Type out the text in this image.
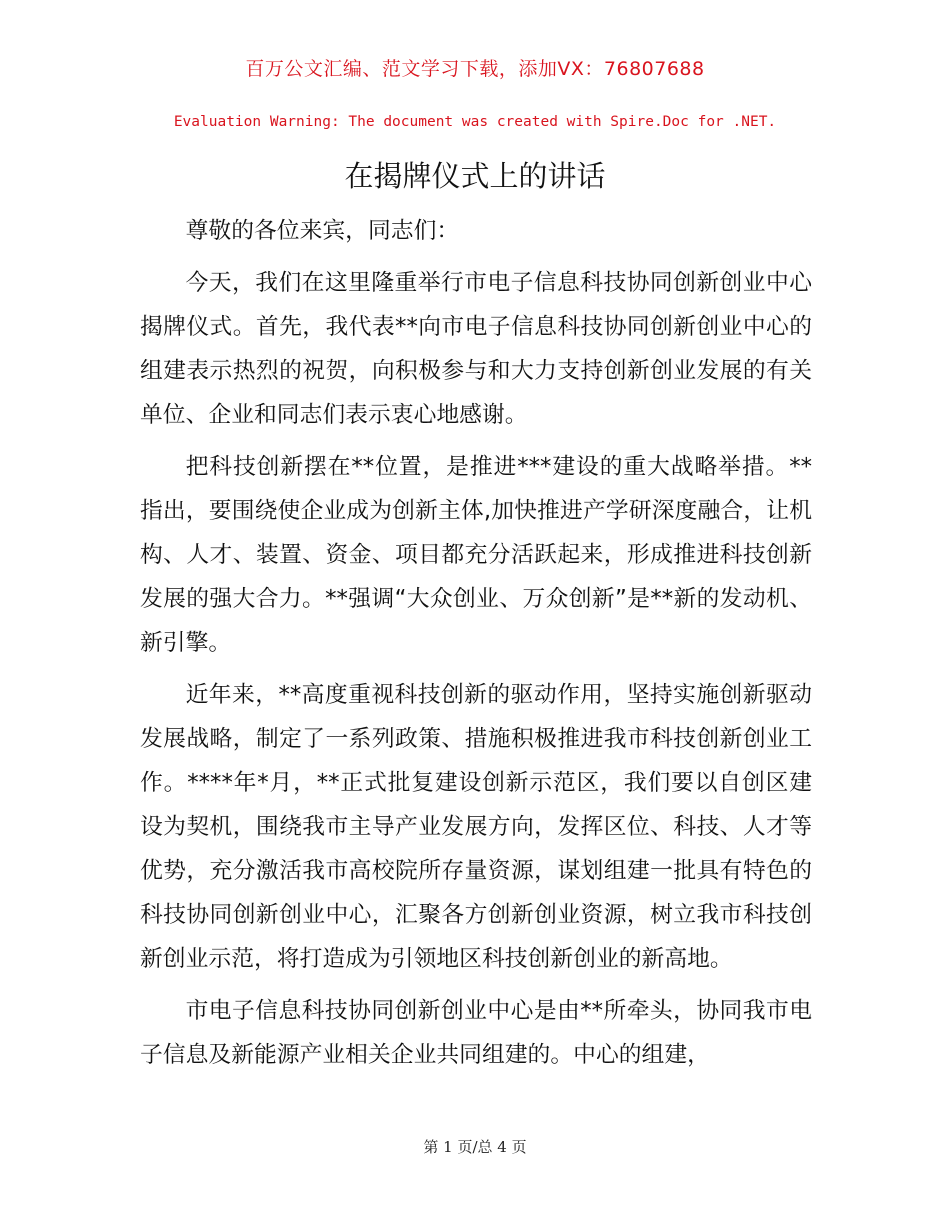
百万公文汇编、范文学习下载，添加VX：76807688
Evaluation Warning: The document was created with Spire.Doc for .NET.
在揭牌仪式上的讲话

尊敬的各位来宾，同志们：

今天，我们在这里隆重举行市电子信息科技协同创新创业中心揭牌仪式。首先，我代表**向市电子信息科技协同创新创业中心的组建表示热烈的祝贺，向积极参与和大力支持创新创业发展的有关单位、企业和同志们表示衷心地感谢。

把科技创新摆在**位置，是推进***建设的重大战略举措。**指出，要围绕使企业成为创新主体,加快推进产学研深度融合，让机构、人才、装置、资金、项目都充分活跃起来，形成推进科技创新发展的强大合力。**强调“大众创业、万众创新”是**新的发动机、新引擎。

近年来，**高度重视科技创新的驱动作用，坚持实施创新驱动发展战略，制定了一系列政策、措施积极推进我市科技创新创业工作。****年*月，**正式批复建设创新示范区，我们要以自创区建设为契机，围绕我市主导产业发展方向，发挥区位、科技、人才等优势，充分激活我市高校院所存量资源，谋划组建一批具有特色的科技协同创新创业中心，汇聚各方创新创业资源，树立我市科技创新创业示范，将打造成为引领地区科技创新创业的新高地。

市电子信息科技协同创新创业中心是由**所牵头，协同我市电子信息及新能源产业相关企业共同组建的。中心的组建，

第 1 页/总 4 页
